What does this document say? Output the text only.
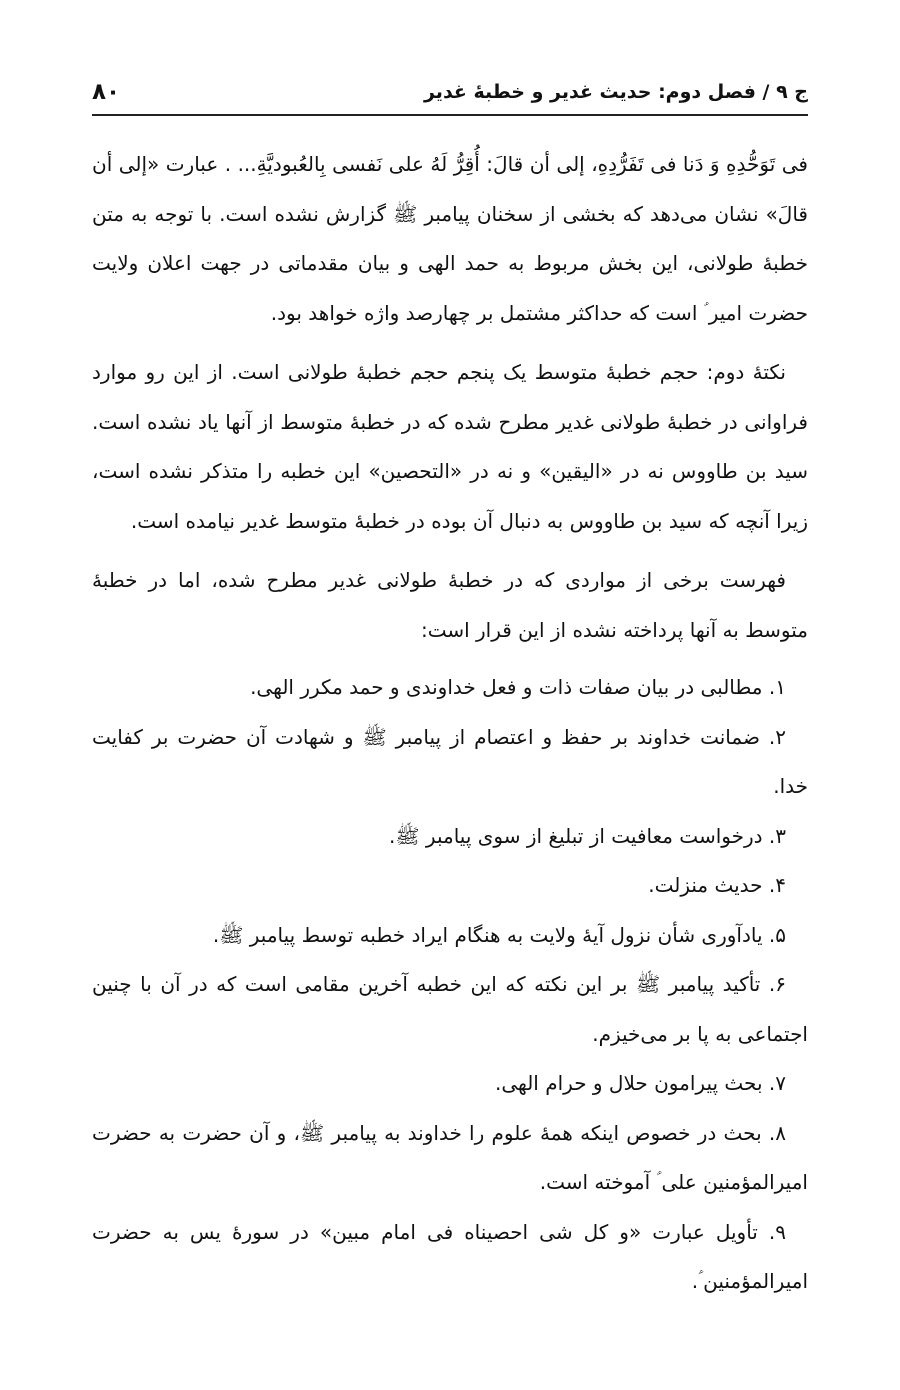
ج ۹ / فصل دوم: حدیث غدیر و خطبۀ غدیر
۸۰

فی تَوَحُّدِهِ وَ دَنا فی تَفَرُّدِهِ، إلی أن قالَ: أُقِرُّ لَهُ علی نَفسی بِالعُبودیَّةِ... . عبارت «إلی أن قالَ» نشان می‌دهد که بخشی از سخنان پیامبر ﷺ گزارش نشده است. با توجه به متن خطبۀ طولانی، این بخش مربوط به حمد الهی و بیان مقدماتی در جهت اعلان ولایت حضرت امیر ؑ است که حداکثر مشتمل بر چهارصد واژه خواهد بود.

نکتۀ دوم: حجم خطبۀ متوسط یک پنجم حجم خطبۀ طولانی است. از این رو موارد فراوانی در خطبۀ طولانی غدیر مطرح شده که در خطبۀ متوسط از آنها یاد نشده است. سید بن طاووس نه در «الیقین» و نه در «التحصین» این خطبه را متذکر نشده است، زیرا آنچه که سید بن طاووس به دنبال آن بوده در خطبۀ متوسط غدیر نیامده است.

فهرست برخی از مواردی که در خطبۀ طولانی غدیر مطرح شده، اما در خطبۀ متوسط به آنها پرداخته نشده از این قرار است:

۱. مطالبی در بیان صفات ذات و فعل خداوندی و حمد مکرر الهی.
۲. ضمانت خداوند بر حفظ و اعتصام از پیامبر ﷺ و شهادت آن حضرت بر کفایت خدا.
۳. درخواست معافیت از تبلیغ از سوی پیامبر ﷺ.
۴. حدیث منزلت.
۵. یادآوری شأن نزول آیۀ ولایت به هنگام ایراد خطبه توسط پیامبر ﷺ.
۶. تأکید پیامبر ﷺ بر این نکته که این خطبه آخرین مقامی است که در آن با چنین اجتماعی به پا بر می‌خیزم.
۷. بحث پیرامون حلال و حرام الهی.
۸. بحث در خصوص اینکه همۀ علوم را خداوند به پیامبر ﷺ، و آن حضرت به حضرت امیرالمؤمنین علی ؑ آموخته است.
۹. تأویل عبارت «و کل شی احصیناه فی امام مبین» در سورۀ یس به حضرت امیرالمؤمنین ؑ.
